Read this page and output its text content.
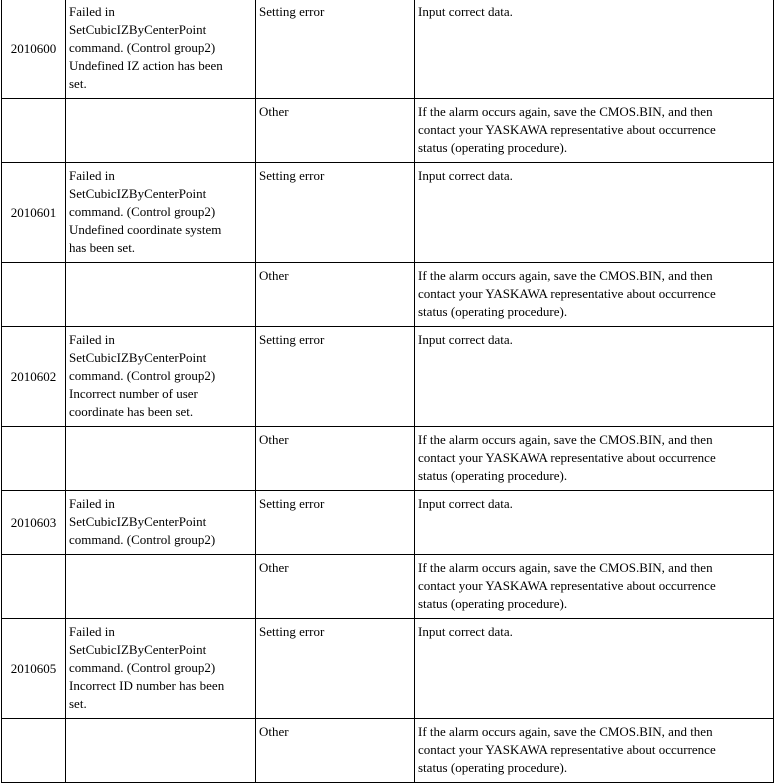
2010600	Failed in
SetCubicIZByCenterPoint
command. (Control group2)
Undefined IZ action has been
set.	Setting error	Input correct data.

		Other	If the alarm occurs again, save the CMOS.BIN, and then
contact your YASKAWA representative about occurrence
status (operating procedure).

2010601	Failed in
SetCubicIZByCenterPoint
command. (Control group2)
Undefined coordinate system
has been set.	Setting error	Input correct data.

		Other	If the alarm occurs again, save the CMOS.BIN, and then
contact your YASKAWA representative about occurrence
status (operating procedure).

2010602	Failed in
SetCubicIZByCenterPoint
command. (Control group2)
Incorrect number of user
coordinate has been set.	Setting error	Input correct data.

		Other	If the alarm occurs again, save the CMOS.BIN, and then
contact your YASKAWA representative about occurrence
status (operating procedure).

2010603	Failed in
SetCubicIZByCenterPoint
command. (Control group2)	Setting error	Input correct data.

		Other	If the alarm occurs again, save the CMOS.BIN, and then
contact your YASKAWA representative about occurrence
status (operating procedure).

2010605	Failed in
SetCubicIZByCenterPoint
command. (Control group2)
Incorrect ID number has been
set.	Setting error	Input correct data.

		Other	If the alarm occurs again, save the CMOS.BIN, and then
contact your YASKAWA representative about occurrence
status (operating procedure).
